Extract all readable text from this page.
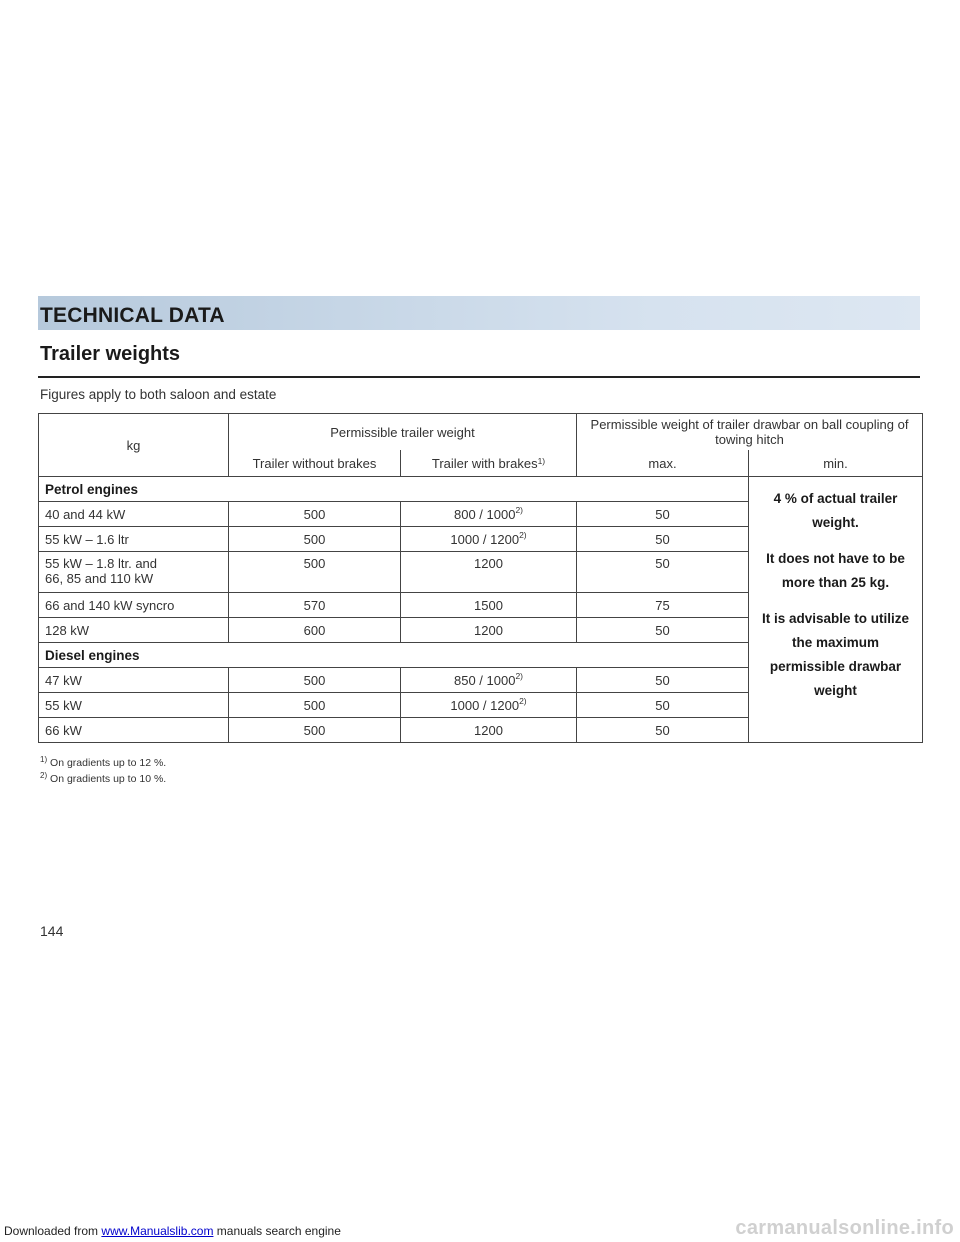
TECHNICAL DATA
Trailer weights
Figures apply to both saloon and estate
kg	Permissible trailer weight		Permissible weight of trailer drawbar on ball coupling of towing hitch	
	Trailer without brakes	Trailer with brakes$^{1)}$	max.	min.
Petrol engines				4 % of actual trailer weight.

It does not have to be more than 25 kg.

It is advisable to utilize the maximum permissible drawbar weight

40 and 44 kW	500	800 / 1000$^{2)}$	50	
55 kW – 1.6 ltr	500	1000 / 1200$^{2)}$	50	
55 kW – 1.8 ltr. and
66, 85 and 110 kW	500	1200	50	
66 and 140 kW syncro	570	1500	75	
128 kW	600	1200	50	
Diesel engines				
47 kW	500	850 / 1000$^{2)}$	50	
55 kW	500	1000 / 1200$^{2)}$	50	
66 kW	500	1200	50	
$^{1)}$ On gradients up to 12 %.
$^{2)}$ On gradients up to 10 %.
144
Downloaded from www.Manualslib.com manuals search engine	carmanualsonline.info
